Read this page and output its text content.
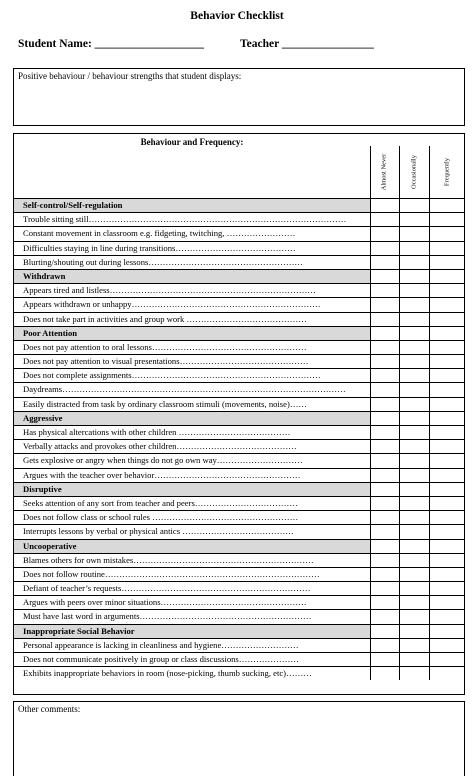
Behavior Checklist
Student Name: ___________________	Teacher ________________
Positive behaviour / behaviour strengths that student displays:
Behaviour and Frequency:
Almost Never	Occasionally	Frequently
Self-control/Self-regulation
Trouble sitting still………………………………………………………………………………
Constant movement in classroom e.g. fidgeting, twitching, ……………………
Difficulties staying in line during transitions……………………………………
Blurting/shouting out during lessons………………………………………………
Withdrawn
Appears tired and listless………………………………………………………………
Appears withdrawn or unhappy…………………………………………………………
Does not take part in activities and group work ……………………………………
Poor Attention
Does not pay attention to oral lessons………………………………………………
Does not pay attention to visual presentations………………………………………
Does not complete assignments…………………………………………………………
Daydreams………………………………………………………………………………………
Easily distracted from task by ordinary classroom stimuli (movements, noise)……
Aggressive
Has physical altercations with other children …………………………………
Verbally attacks and provokes other children……………………………………
Gets explosive or angry when things do not go own way…………………………
Argues with the teacher over behavior……………………………………………
Disruptive
Seeks attention of any sort from teacher and peers………………………………
Does not follow class or school rules ……………………………………………
Interrupts lessons by verbal or physical antics …………………………………
Uncooperative
Blames others for own mistakes………………………………………………………
Does not follow routine…………………………………………………………………
Defiant of teacher’s requests…………………………………………………………
Argues with peers over minor situations……………………………………………
Must have last word in arguments……………………………………………………
Inappropriate Social Behavior
Personal appearance is lacking in cleanliness and hygiene………………………
Does not communicate positively in group or class discussions…………………
Exhibits inappropriate behaviors in room (nose-picking, thumb sucking, etc)………
Other comments:
